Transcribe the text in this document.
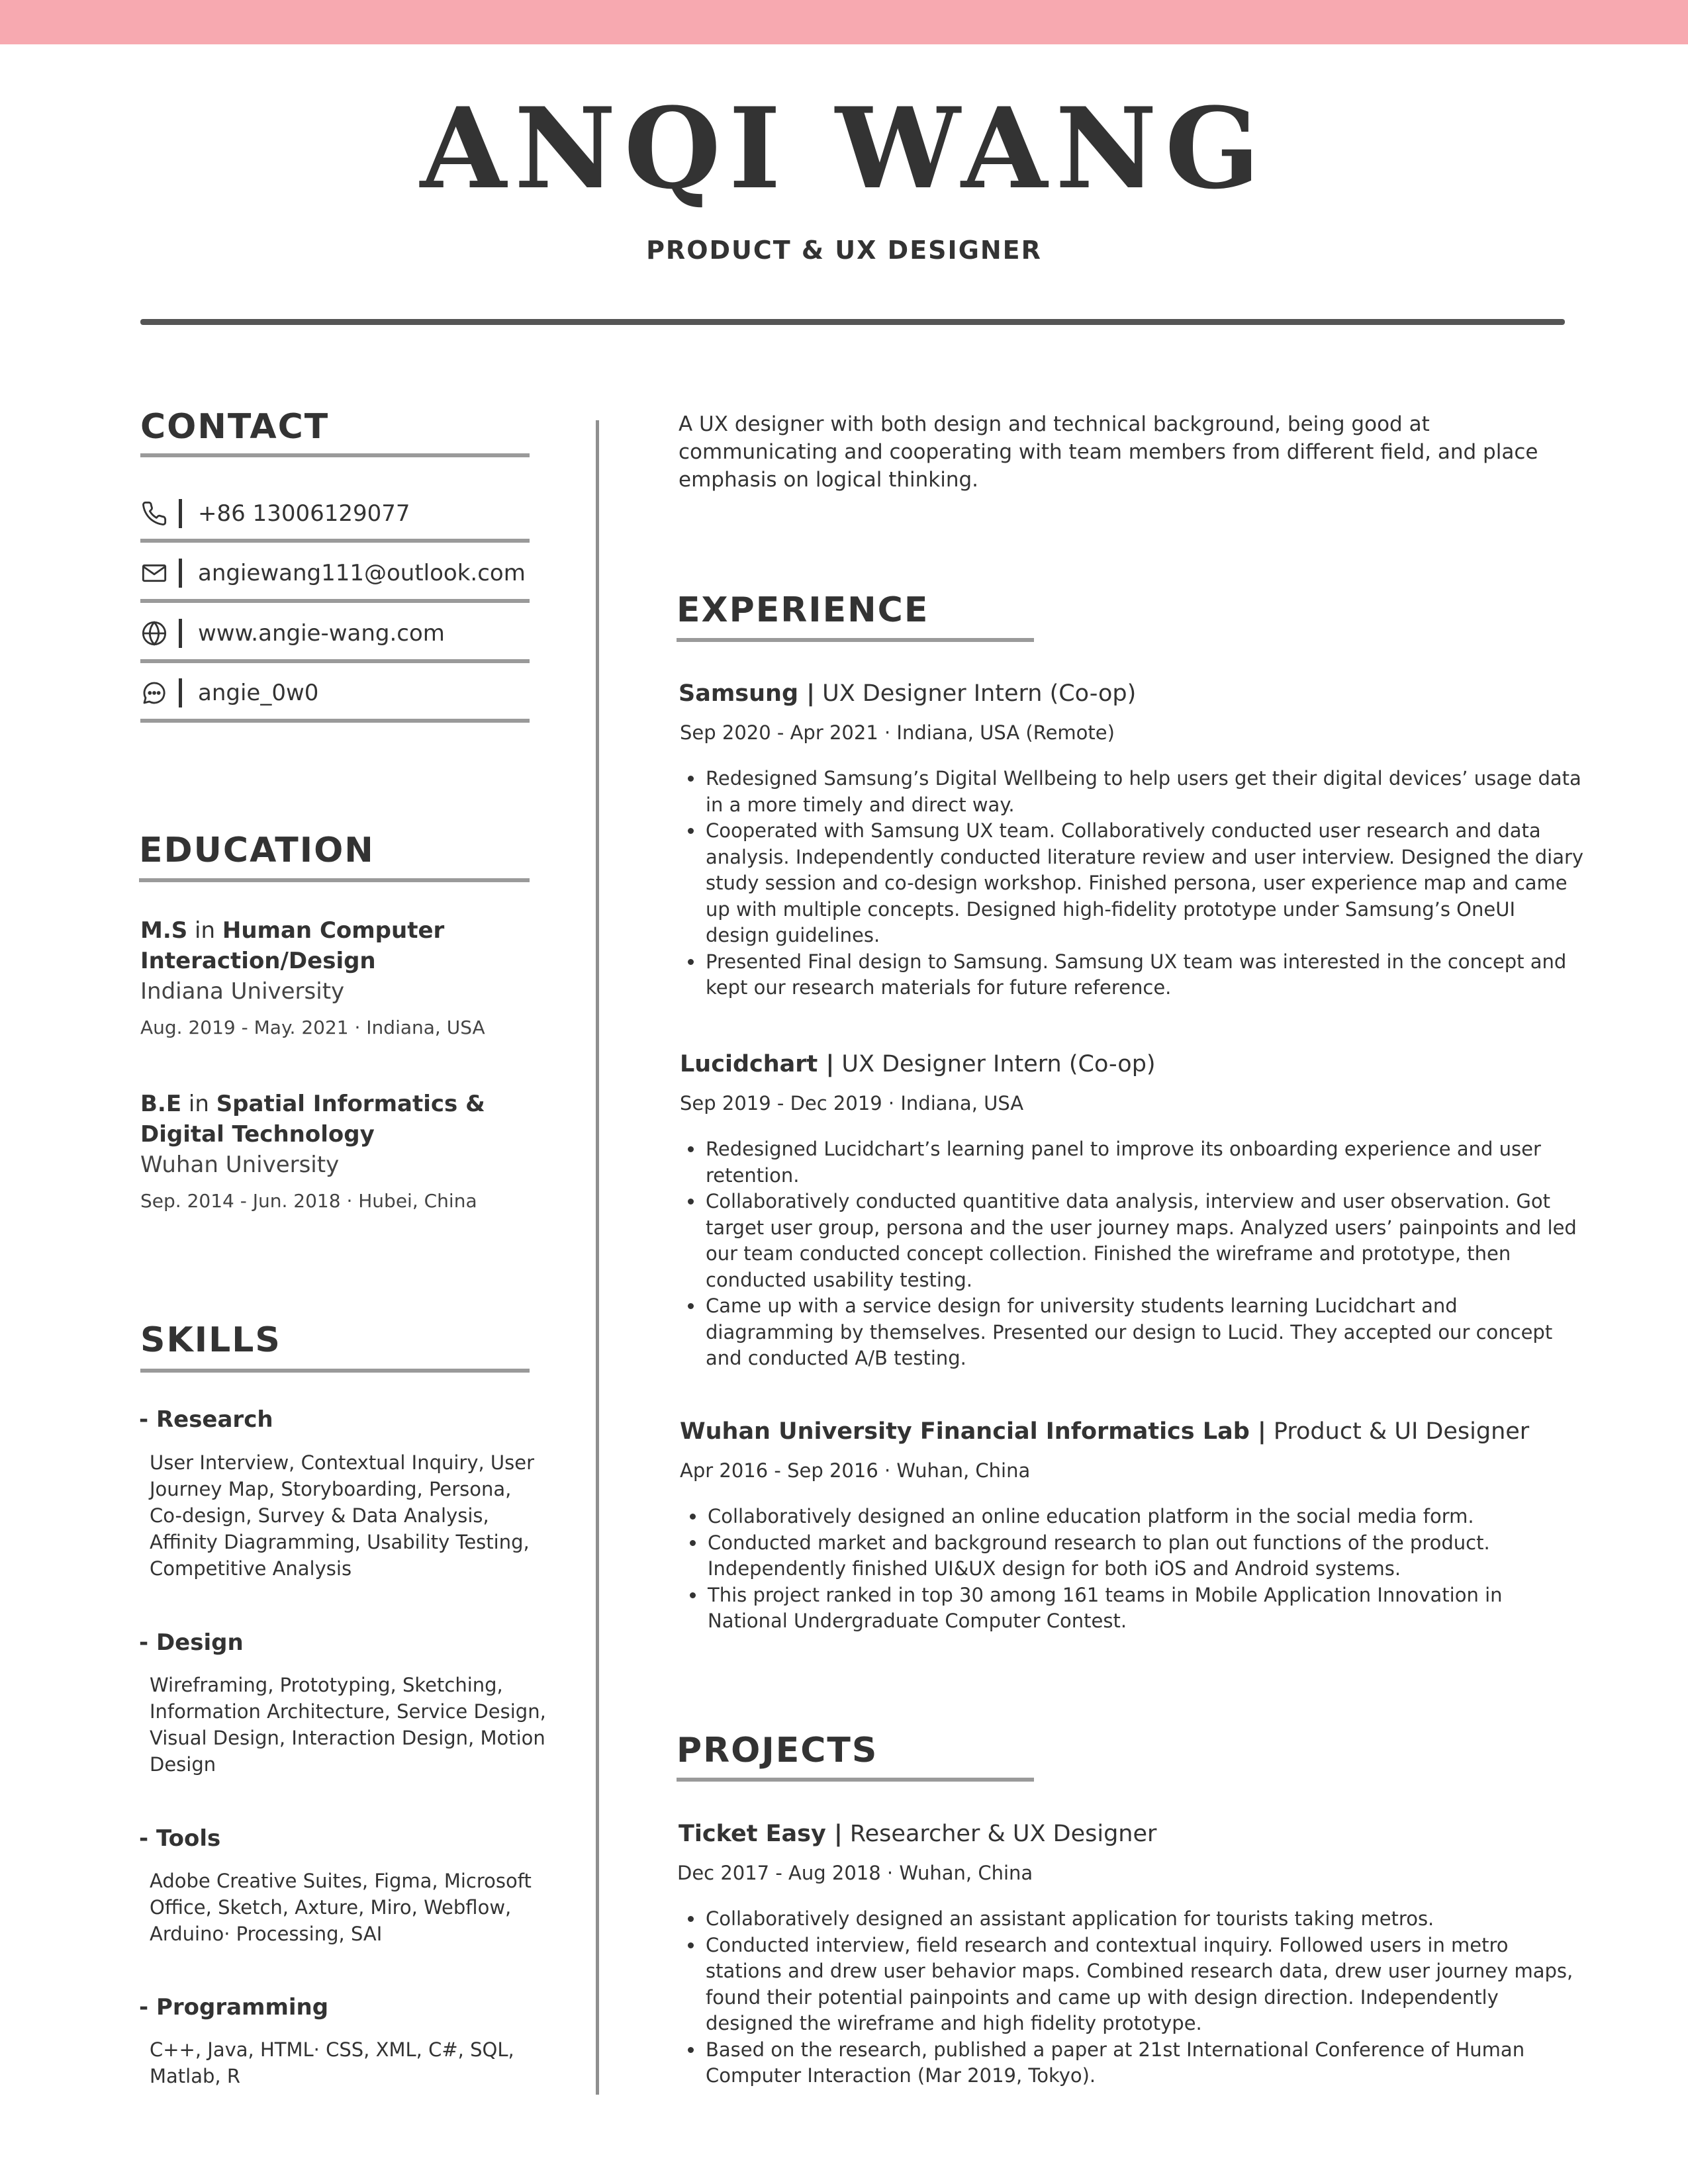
ANQI WANG
PRODUCT & UX DESIGNER
CONTACT
+86 13006129077
angiewang111@outlook.com
www.angie-wang.com
angie_0w0
EDUCATION
M.S in Human Computer Interaction/Design
Indiana University
Aug. 2019 - May. 2021 · Indiana, USA
B.E in Spatial Informatics & Digital Technology
Wuhan University
Sep. 2014 - Jun. 2018 · Hubei, China
SKILLS
- Research
User Interview, Contextual Inquiry, User Journey Map, Storyboarding, Persona, Co-design, Survey & Data Analysis, Affinity Diagramming, Usability Testing, Competitive Analysis
- Design
Wireframing, Prototyping, Sketching, Information Architecture, Service Design, Visual Design, Interaction Design, Motion Design
- Tools
Adobe Creative Suites, Figma, Microsoft Office, Sketch, Axture, Miro, Webflow, Arduino· Processing, SAI
- Programming
C++, Java, HTML· CSS, XML, C#, SQL, Matlab, R
A UX designer with both design and technical background, being good at communicating and cooperating with team members from different field, and place emphasis on logical thinking.
EXPERIENCE
Samsung | UX Designer Intern (Co-op)
Sep 2020 - Apr 2021 · Indiana, USA (Remote)
• Redesigned Samsung’s Digital Wellbeing to help users get their digital devices’ usage data in a more timely and direct way.
• Cooperated with Samsung UX team. Collaboratively conducted user research and data analysis. Independently conducted literature review and user interview. Designed the diary study session and co-design workshop. Finished persona, user experience map and came up with multiple concepts. Designed high-fidelity prototype under Samsung’s OneUI design guidelines.
• Presented Final design to Samsung. Samsung UX team was interested in the concept and kept our research materials for future reference.
Lucidchart | UX Designer Intern (Co-op)
Sep 2019 - Dec 2019 · Indiana, USA
• Redesigned Lucidchart’s learning panel to improve its onboarding experience and user retention.
• Collaboratively conducted quantitive data analysis, interview and user observation. Got target user group, persona and the user journey maps. Analyzed users’ painpoints and led our team conducted concept collection. Finished the wireframe and prototype, then conducted usability testing.
• Came up with a service design for university students learning Lucidchart and diagramming by themselves. Presented our design to Lucid. They accepted our concept and conducted A/B testing.
Wuhan University Financial Informatics Lab | Product & UI Designer
Apr 2016 - Sep 2016 · Wuhan, China
• Collaboratively designed an online education platform in the social media form.
• Conducted market and background research to plan out functions of the product. Independently finished UI&UX design for both iOS and Android systems.
• This project ranked in top 30 among 161 teams in Mobile Application Innovation in National Undergraduate Computer Contest.
PROJECTS
Ticket Easy | Researcher & UX Designer
Dec 2017 - Aug 2018 · Wuhan, China
• Collaboratively designed an assistant application for tourists taking metros.
• Conducted interview, field research and contextual inquiry. Followed users in metro stations and drew user behavior maps. Combined research data, drew user journey maps, found their potential painpoints and came up with design direction. Independently designed the wireframe and high fidelity prototype.
• Based on the research, published a paper at 21st International Conference of Human Computer Interaction (Mar 2019, Tokyo).
